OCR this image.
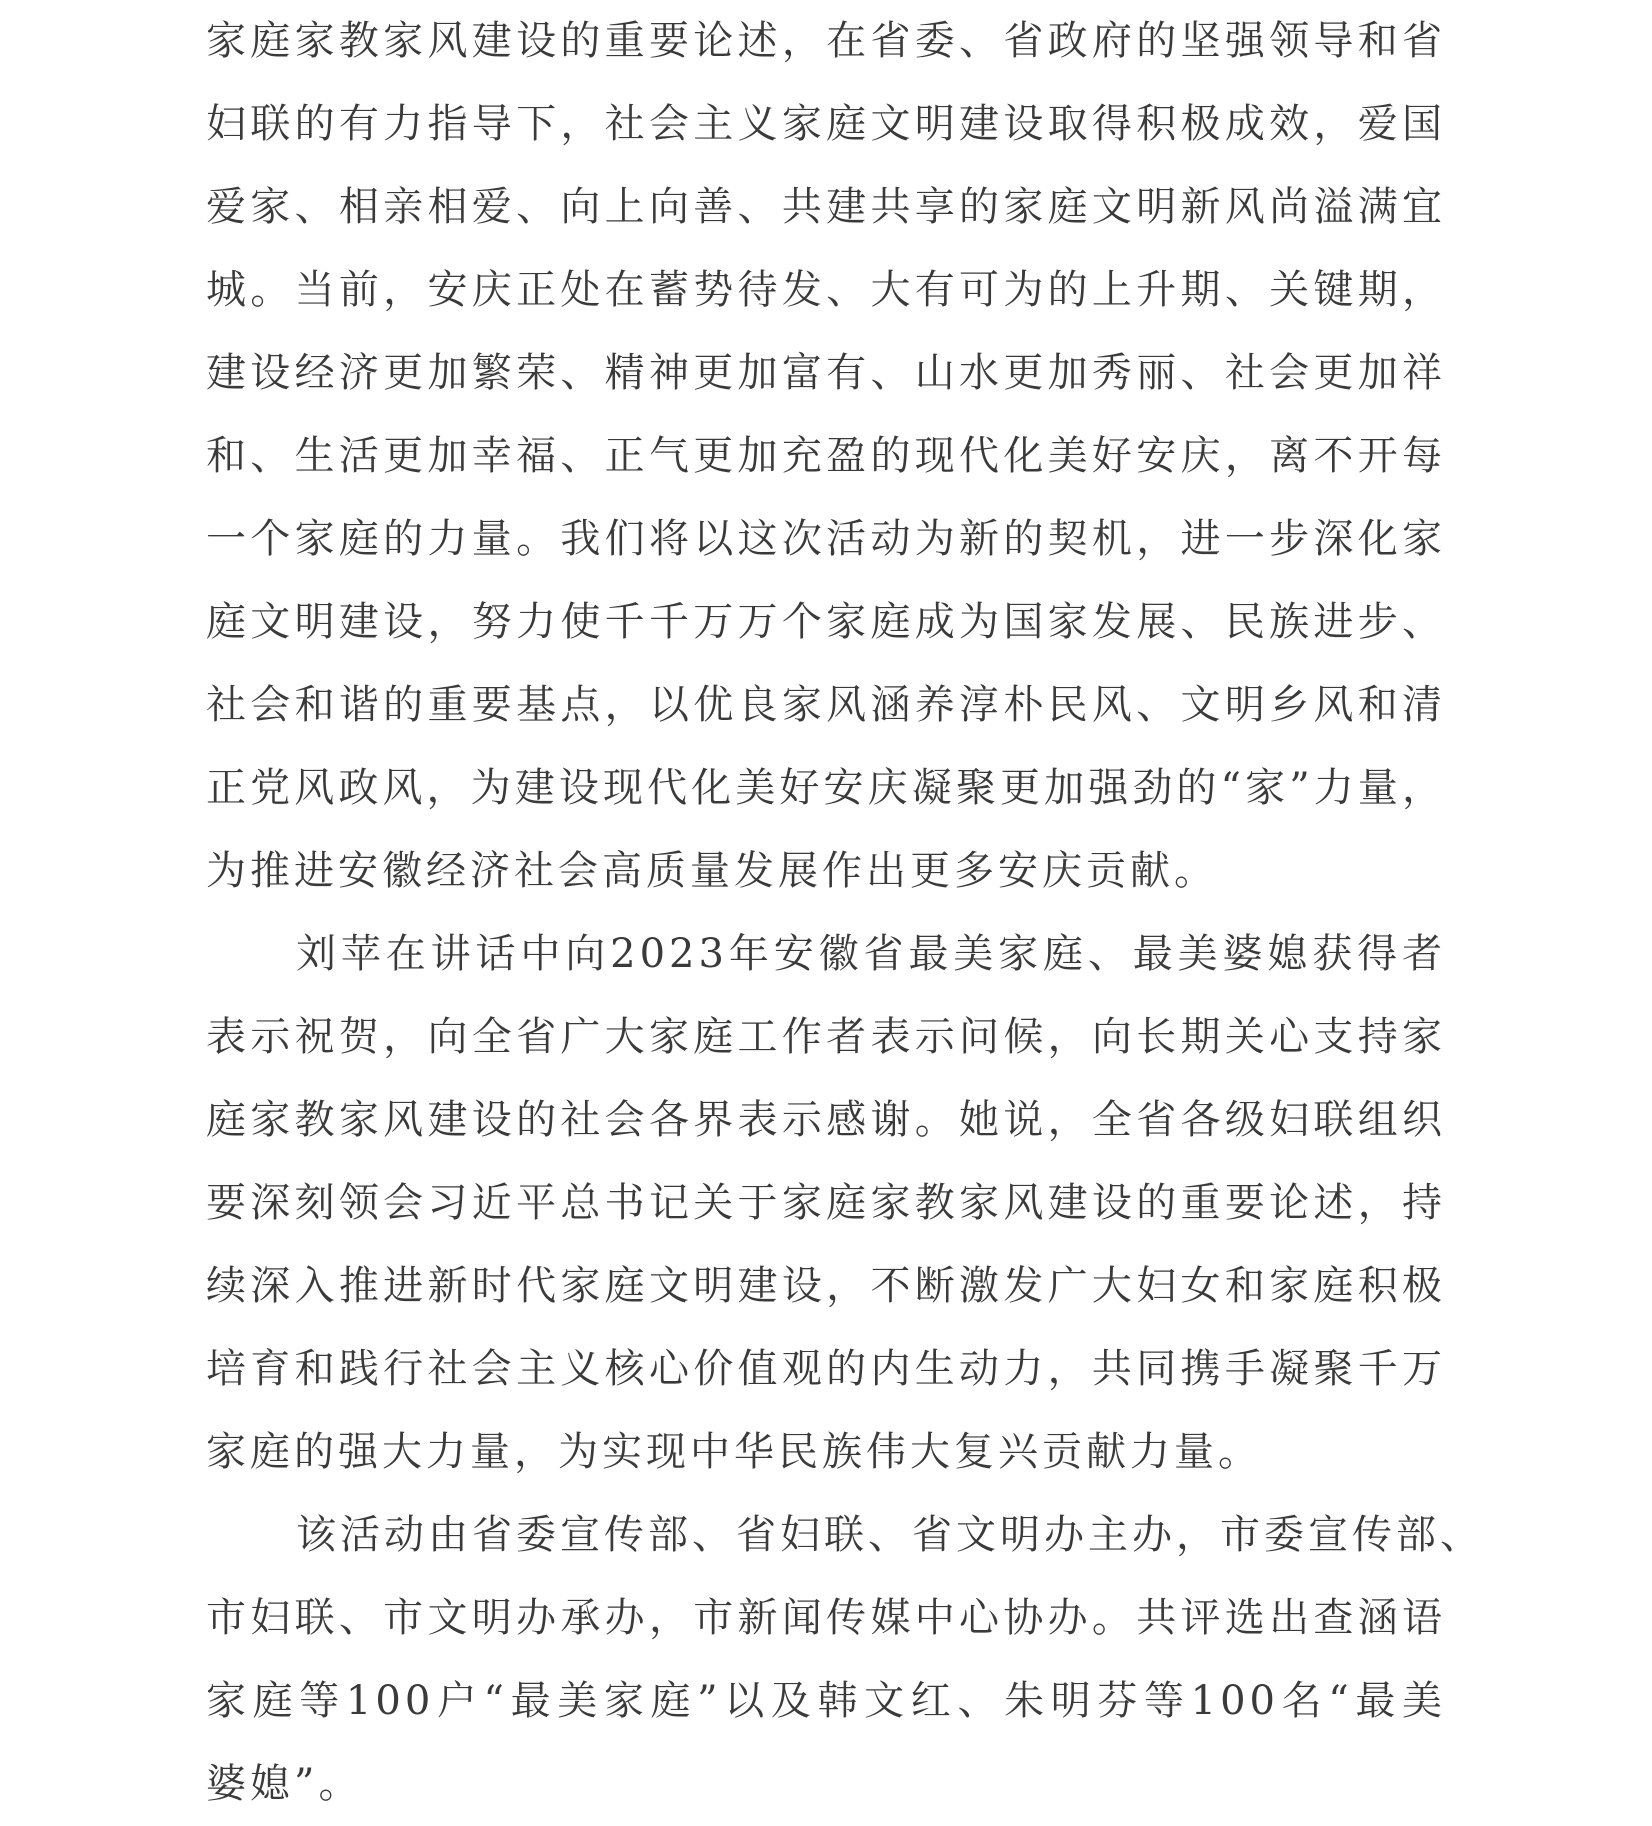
家庭家教家风建设的重要论述，在省委、省政府的坚强领导和省
妇联的有力指导下，社会主义家庭文明建设取得积极成效，爱国
爱家、相亲相爱、向上向善、共建共享的家庭文明新风尚溢满宜
城。当前，安庆正处在蓄势待发、大有可为的上升期、关键期，
建设经济更加繁荣、精神更加富有、山水更加秀丽、社会更加祥
和、生活更加幸福、正气更加充盈的现代化美好安庆，离不开每
一个家庭的力量。我们将以这次活动为新的契机，进一步深化家
庭文明建设，努力使千千万万个家庭成为国家发展、民族进步、
社会和谐的重要基点，以优良家风涵养淳朴民风、文明乡风和清
正党风政风，为建设现代化美好安庆凝聚更加强劲的“家”力量，
为推进安徽经济社会高质量发展作出更多安庆贡献。
刘苹在讲话中向2023年安徽省最美家庭、最美婆媳获得者
表示祝贺，向全省广大家庭工作者表示问候，向长期关心支持家
庭家教家风建设的社会各界表示感谢。她说，全省各级妇联组织
要深刻领会习近平总书记关于家庭家教家风建设的重要论述，持
续深入推进新时代家庭文明建设，不断激发广大妇女和家庭积极
培育和践行社会主义核心价值观的内生动力，共同携手凝聚千万
家庭的强大力量，为实现中华民族伟大复兴贡献力量。
该活动由省委宣传部、省妇联、省文明办主办，市委宣传部、
市妇联、市文明办承办，市新闻传媒中心协办。共评选出查涵语
家庭等100户“最美家庭”以及韩文红、朱明芬等100名“最美
婆媳”。
